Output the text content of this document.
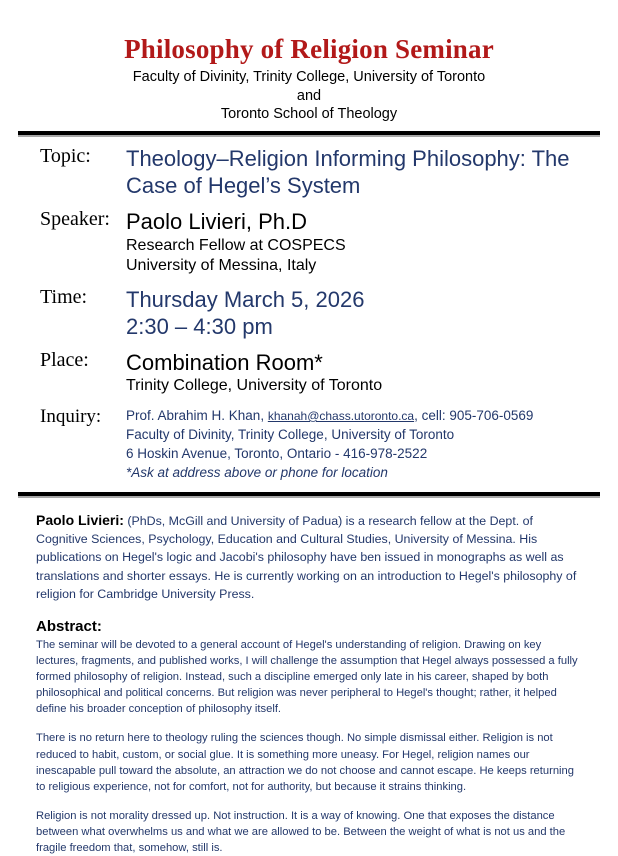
Philosophy of Religion Seminar
Faculty of Divinity, Trinity College, University of Toronto
and
Toronto School of Theology
Topic:	Theology–Religion Informing Philosophy: The Case of Hegel’s System
Speaker: Paolo Livieri, Ph.D
Research Fellow at COSPECS
University of Messina, Italy
Time:	Thursday March 5, 2026
2:30 – 4:30 pm
Place:	Combination Room*
Trinity College, University of Toronto
Inquiry:	Prof. Abrahim H. Khan, khanah@chass.utoronto.ca, cell: 905-706-0569
Faculty of Divinity, Trinity College, University of Toronto
6 Hoskin Avenue, Toronto, Ontario - 416-978-2522
*Ask at address above or phone for location

Paolo Livieri: (PhDs, McGill and University of Padua) is a research fellow at the Dept. of Cognitive Sciences, Psychology, Education and Cultural Studies, University of Messina. His publications on Hegel's logic and Jacobi's philosophy have ben issued in monographs as well as translations and shorter essays. He is currently working on an introduction to Hegel's philosophy of religion for Cambridge University Press.

Abstract:

The seminar will be devoted to a general account of Hegel's understanding of religion. Drawing on key lectures, fragments, and published works, I will challenge the assumption that Hegel always possessed a fully formed philosophy of religion. Instead, such a discipline emerged only late in his career, shaped by both philosophical and political concerns. But religion was never peripheral to Hegel's thought; rather, it helped define his broader conception of philosophy itself.

There is no return here to theology ruling the sciences though. No simple dismissal either. Religion is not reduced to habit, custom, or social glue. It is something more uneasy. For Hegel, religion names our inescapable pull toward the absolute, an attraction we do not choose and cannot escape. He keeps returning to religious experience, not for comfort, not for authority, but because it strains thinking.

Religion is not morality dressed up. Not instruction. It is a way of knowing. One that exposes the distance between what overwhelms us and what we are allowed to be. Between the weight of what is not us and the fragile freedom that, somehow, still is.
